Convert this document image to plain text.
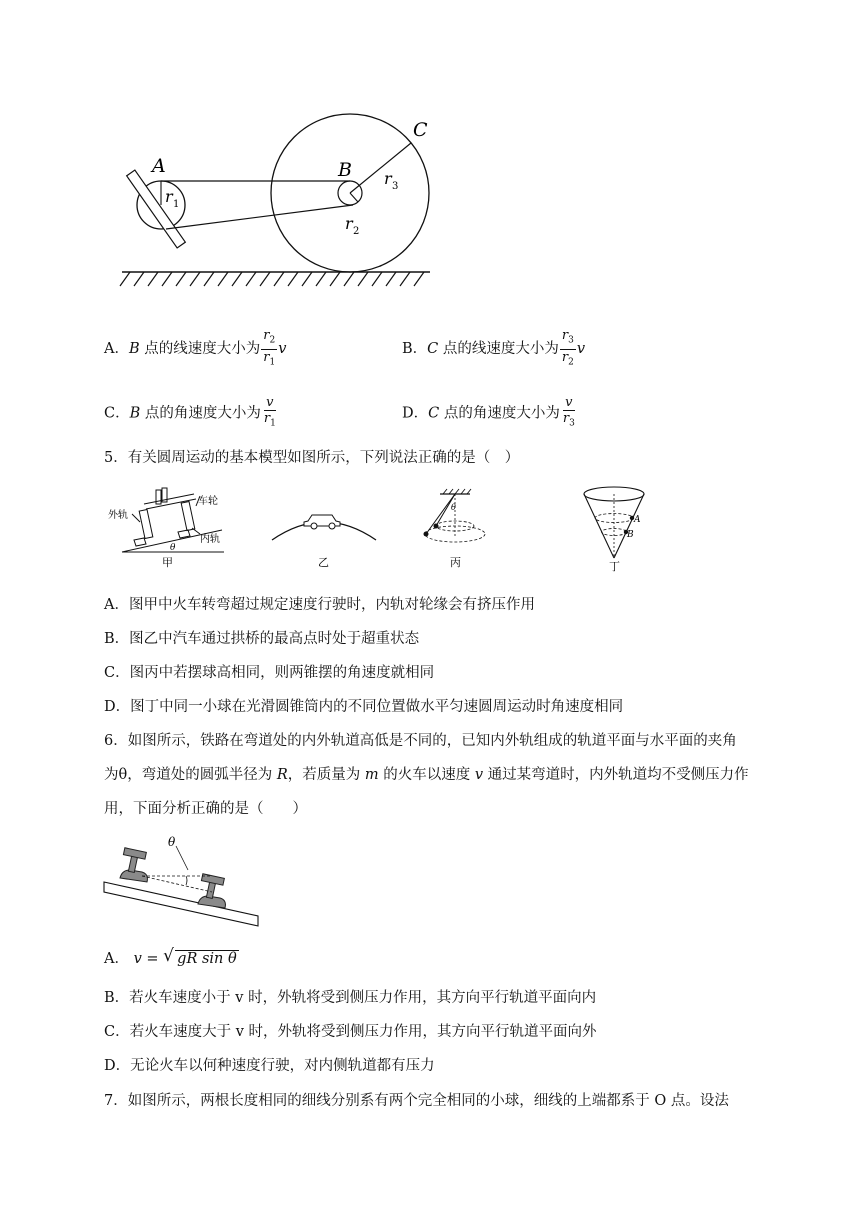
A	B
C
r 1
r 2
r 3
A．B 点的线速度大小为 $\frac{r_2}{r_1}$ v	B．C 点的线速度大小为 $\frac{r_3}{r_2}$ v
C．B 点的角速度大小为 $\frac{v}{r_1}$	D．C 点的角速度大小为 $\frac{v}{r_3}$
5．有关圆周运动的基本模型如图所示，下列说法正确的是（　）
外轨
车轮
内轨
θ
甲	乙
θ
丙
A
B
丁
A．图甲中火车转弯超过规定速度行驶时，内轨对轮缘会有挤压作用
B．图乙中汽车通过拱桥的最高点时处于超重状态
C．图丙中若摆球高相同，则两锥摆的角速度就相同
D．图丁中同一小球在光滑圆锥筒内的不同位置做水平匀速圆周运动时角速度相同
6．如图所示，铁路在弯道处的内外轨道高低是不同的，已知内外轨组成的轨道平面与水平面的夹角
为θ，弯道处的圆弧半径为 R，若质量为 m 的火车以速度 v 通过某弯道时，内外轨道均不受侧压力作
用，下面分析正确的是（　　）
θ
A． v = √ gR sin θ
B．若火车速度小于 v 时，外轨将受到侧压力作用，其方向平行轨道平面向内
C．若火车速度大于 v 时，外轨将受到侧压力作用，其方向平行轨道平面向外
D．无论火车以何种速度行驶，对内侧轨道都有压力
7．如图所示，两根长度相同的细线分别系有两个完全相同的小球，细线的上端都系于 O 点。设法
